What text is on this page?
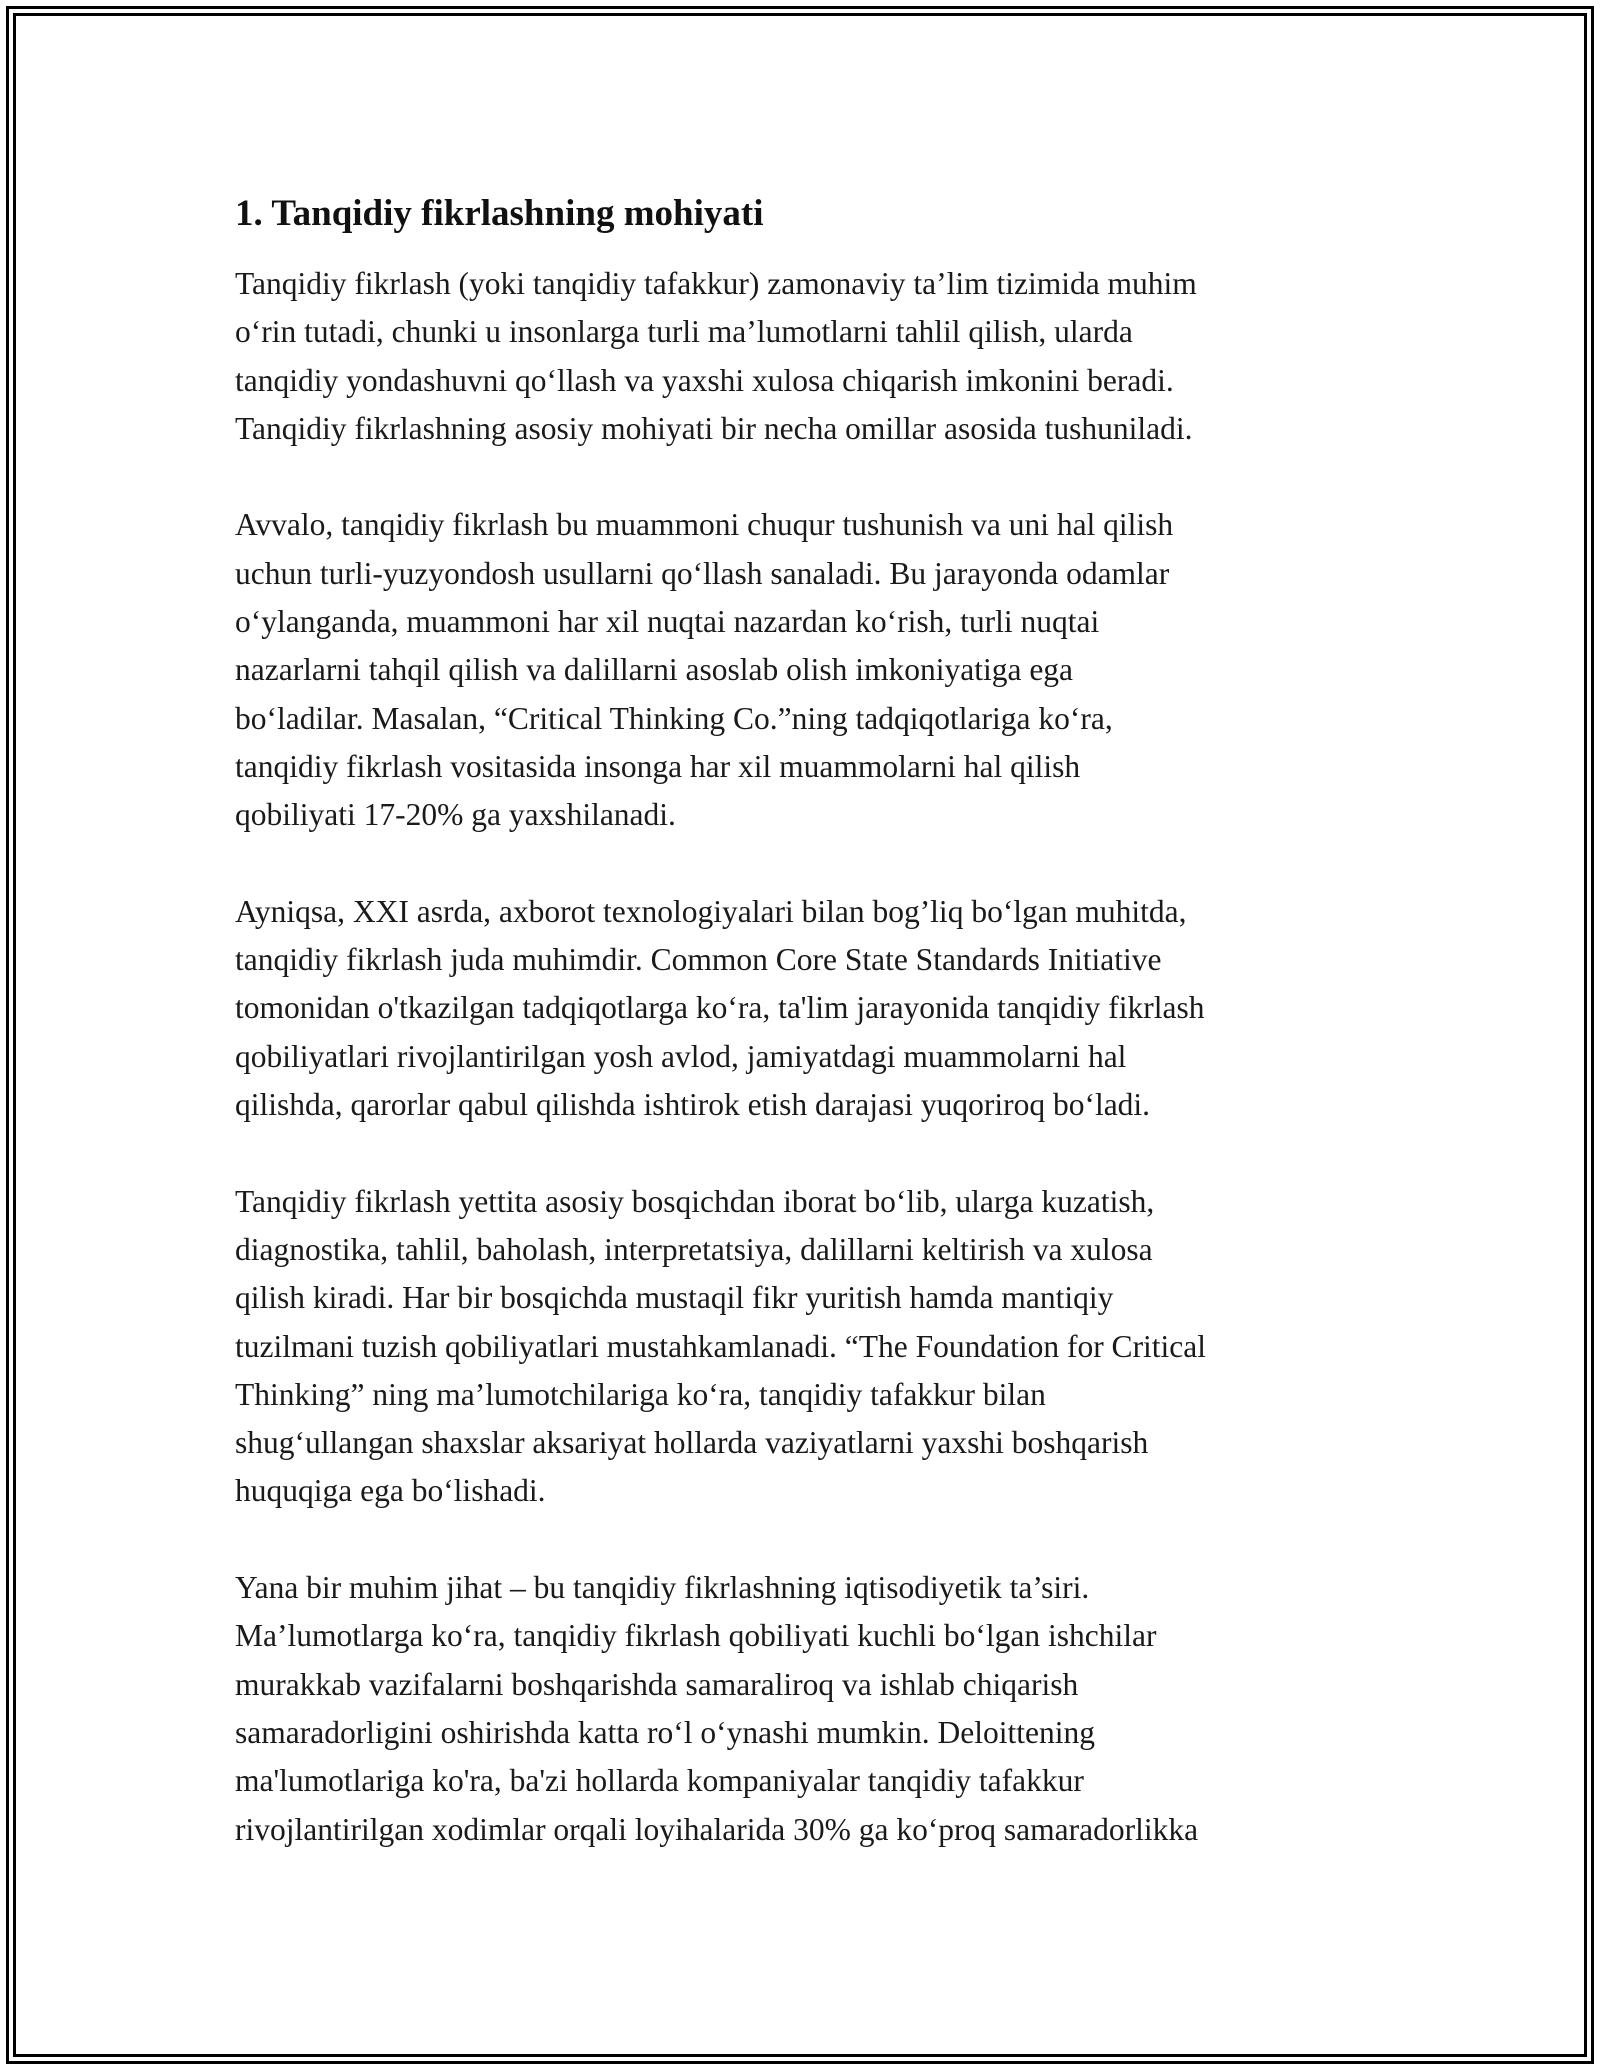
1. Tanqidiy fikrlashning mohiyati
Tanqidiy fikrlash (yoki tanqidiy tafakkur) zamonaviy ta’lim tizimida muhim
o‘rin tutadi, chunki u insonlarga turli ma’lumotlarni tahlil qilish, ularda
tanqidiy yondashuvni qo‘llash va yaxshi xulosa chiqarish imkonini beradi.
Tanqidiy fikrlashning asosiy mohiyati bir necha omillar asosida tushuniladi.
Avvalo, tanqidiy fikrlash bu muammoni chuqur tushunish va uni hal qilish
uchun turli-yuzyondosh usullarni qo‘llash sanaladi. Bu jarayonda odamlar
o‘ylanganda, muammoni har xil nuqtai nazardan ko‘rish, turli nuqtai
nazarlarni tahqil qilish va dalillarni asoslab olish imkoniyatiga ega
bo‘ladilar. Masalan, “Critical Thinking Co.”ning tadqiqotlariga ko‘ra,
tanqidiy fikrlash vositasida insonga har xil muammolarni hal qilish
qobiliyati 17-20% ga yaxshilanadi.
Ayniqsa, XXI asrda, axborot texnologiyalari bilan bog’liq bo‘lgan muhitda,
tanqidiy fikrlash juda muhimdir. Common Core State Standards Initiative
tomonidan o'tkazilgan tadqiqotlarga ko‘ra, ta'lim jarayonida tanqidiy fikrlash
qobiliyatlari rivojlantirilgan yosh avlod, jamiyatdagi muammolarni hal
qilishda, qarorlar qabul qilishda ishtirok etish darajasi yuqoriroq bo‘ladi.
Tanqidiy fikrlash yettita asosiy bosqichdan iborat bo‘lib, ularga kuzatish,
diagnostika, tahlil, baholash, interpretatsiya, dalillarni keltirish va xulosa
qilish kiradi. Har bir bosqichda mustaqil fikr yuritish hamda mantiqiy
tuzilmani tuzish qobiliyatlari mustahkamlanadi. “The Foundation for Critical
Thinking” ning ma’lumotchilariga ko‘ra, tanqidiy tafakkur bilan
shug‘ullangan shaxslar aksariyat hollarda vaziyatlarni yaxshi boshqarish
huquqiga ega bo‘lishadi.
Yana bir muhim jihat – bu tanqidiy fikrlashning iqtisodiyetik ta’siri.
Ma’lumotlarga ko‘ra, tanqidiy fikrlash qobiliyati kuchli bo‘lgan ishchilar
murakkab vazifalarni boshqarishda samaraliroq va ishlab chiqarish
samaradorligini oshirishda katta ro‘l o‘ynashi mumkin. Deloittening
ma'lumotlariga ko'ra, ba'zi hollarda kompaniyalar tanqidiy tafakkur
rivojlantirilgan xodimlar orqali loyihalarida 30% ga ko‘proq samaradorlikka
